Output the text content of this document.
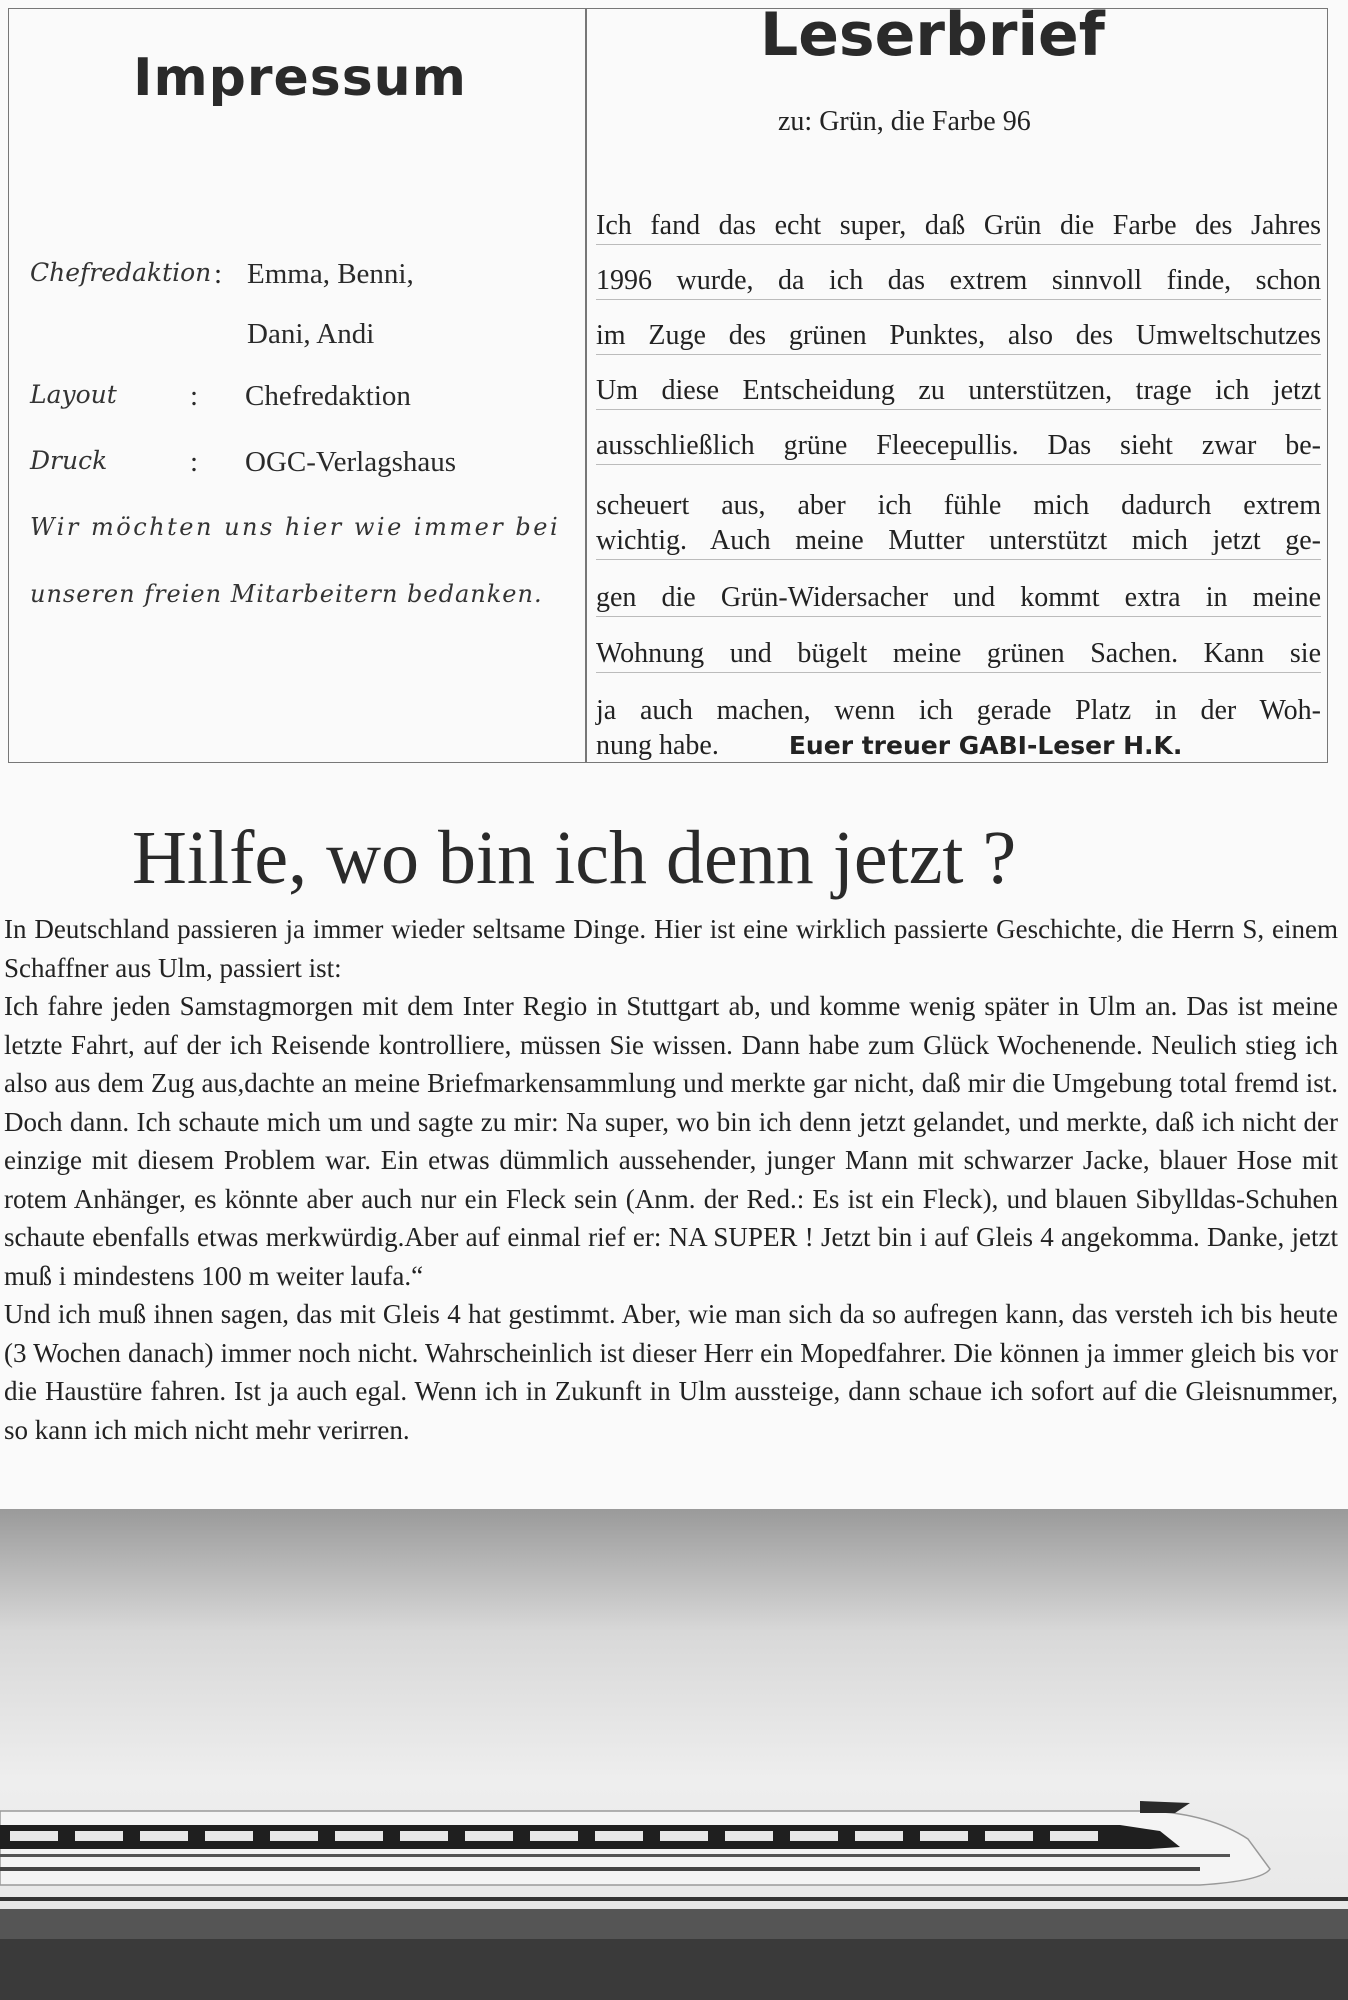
Impressum
Chefredaktion : Emma, Benni,
Dani, Andi
Layout	: Chefredaktion
Druck	: OGC-Verlagshaus
Wir möchten uns hier wie immer bei
unseren freien Mitarbeitern bedanken.
Leserbrief
zu: Grün, die Farbe 96
Ich fand das echt super, daß Grün die Farbe des Jahres
1996 wurde, da ich das extrem sinnvoll finde, schon
im Zuge des grünen Punktes, also des Umweltschutzes
Um diese Entscheidung zu unterstützen, trage ich jetzt
ausschließlich grüne Fleecepullis. Das sieht zwar be-
scheuert aus, aber ich fühle mich dadurch extrem
wichtig. Auch meine Mutter unterstützt mich jetzt ge-
gen die Grün-Widersacher und kommt extra in meine
Wohnung und bügelt meine grünen Sachen. Kann sie
ja auch machen, wenn ich gerade Platz in der Woh-
nung habe.	Euer treuer GABI-Leser H.K.
Hilfe, wo bin ich denn jetzt ?

In Deutschland passieren ja immer wieder seltsame Dinge. Hier ist eine wirklich passierte Geschichte, die Herrn S, einem Schaffner aus Ulm, passiert ist:

Ich fahre jeden Samstagmorgen mit dem Inter Regio in Stuttgart ab, und komme wenig später in Ulm an. Das ist meine letzte Fahrt, auf der ich Reisende kontrolliere, müssen Sie wissen. Dann habe zum Glück Wochenende. Neulich stieg ich also aus dem Zug aus,dachte an meine Briefmarkensammlung und merkte gar nicht, daß mir die Umgebung total fremd ist. Doch dann. Ich schaute mich um und sagte zu mir: Na super, wo bin ich denn jetzt gelandet, und merkte, daß ich nicht der einzige mit diesem Problem war. Ein etwas dümmlich aussehender, junger Mann mit schwarzer Jacke, blauer Hose mit rotem Anhänger, es könnte aber auch nur ein Fleck sein (Anm. der Red.: Es ist ein Fleck), und blauen Sibylldas-Schuhen schaute ebenfalls etwas merkwürdig.Aber auf einmal rief er: NA SUPER ! Jetzt bin i auf Gleis 4 angekomma. Danke, jetzt muß i mindestens 100 m weiter laufa.“

Und ich muß ihnen sagen, das mit Gleis 4 hat gestimmt. Aber, wie man sich da so aufregen kann, das versteh ich bis heute (3 Wochen danach) immer noch nicht. Wahrscheinlich ist dieser Herr ein Mopedfahrer. Die können ja immer gleich bis vor die Haustüre fahren. Ist ja auch egal. Wenn ich in Zukunft in Ulm aussteige, dann schaue ich sofort auf die Gleisnummer, so kann ich mich nicht mehr verirren.
